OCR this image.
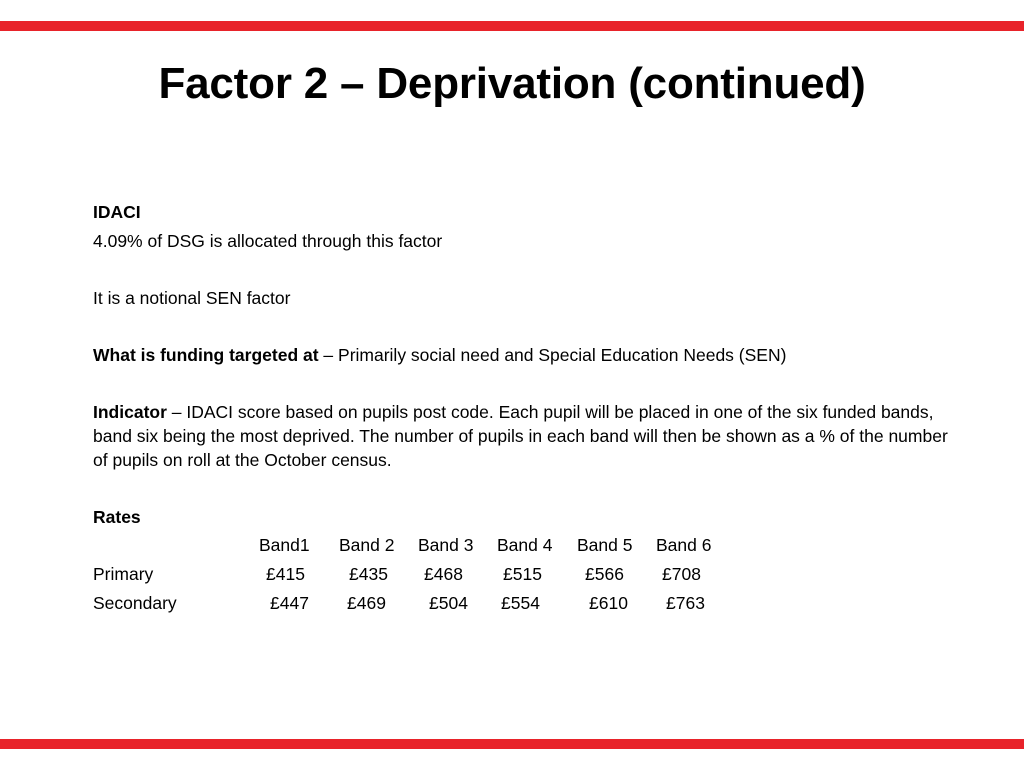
Factor 2 – Deprivation (continued)

IDACI

4.09% of DSG is allocated through this factor

It is a notional SEN factor

What is funding targeted at – Primarily social need and Special Education Needs (SEN)

Indicator – IDACI score based on pupils post code. Each pupil will be placed in one of the six funded bands, band six being the most deprived. The number of pupils in each band will then be shown as a % of the number of pupils on roll at the October census.

Rates

Band1 Band 2 Band 3 Band 4 Band 5 Band 6
Primary	£415	£435 £468 £515 £566 £708
Secondary	£447 £469 £504 £554	£610 £763
